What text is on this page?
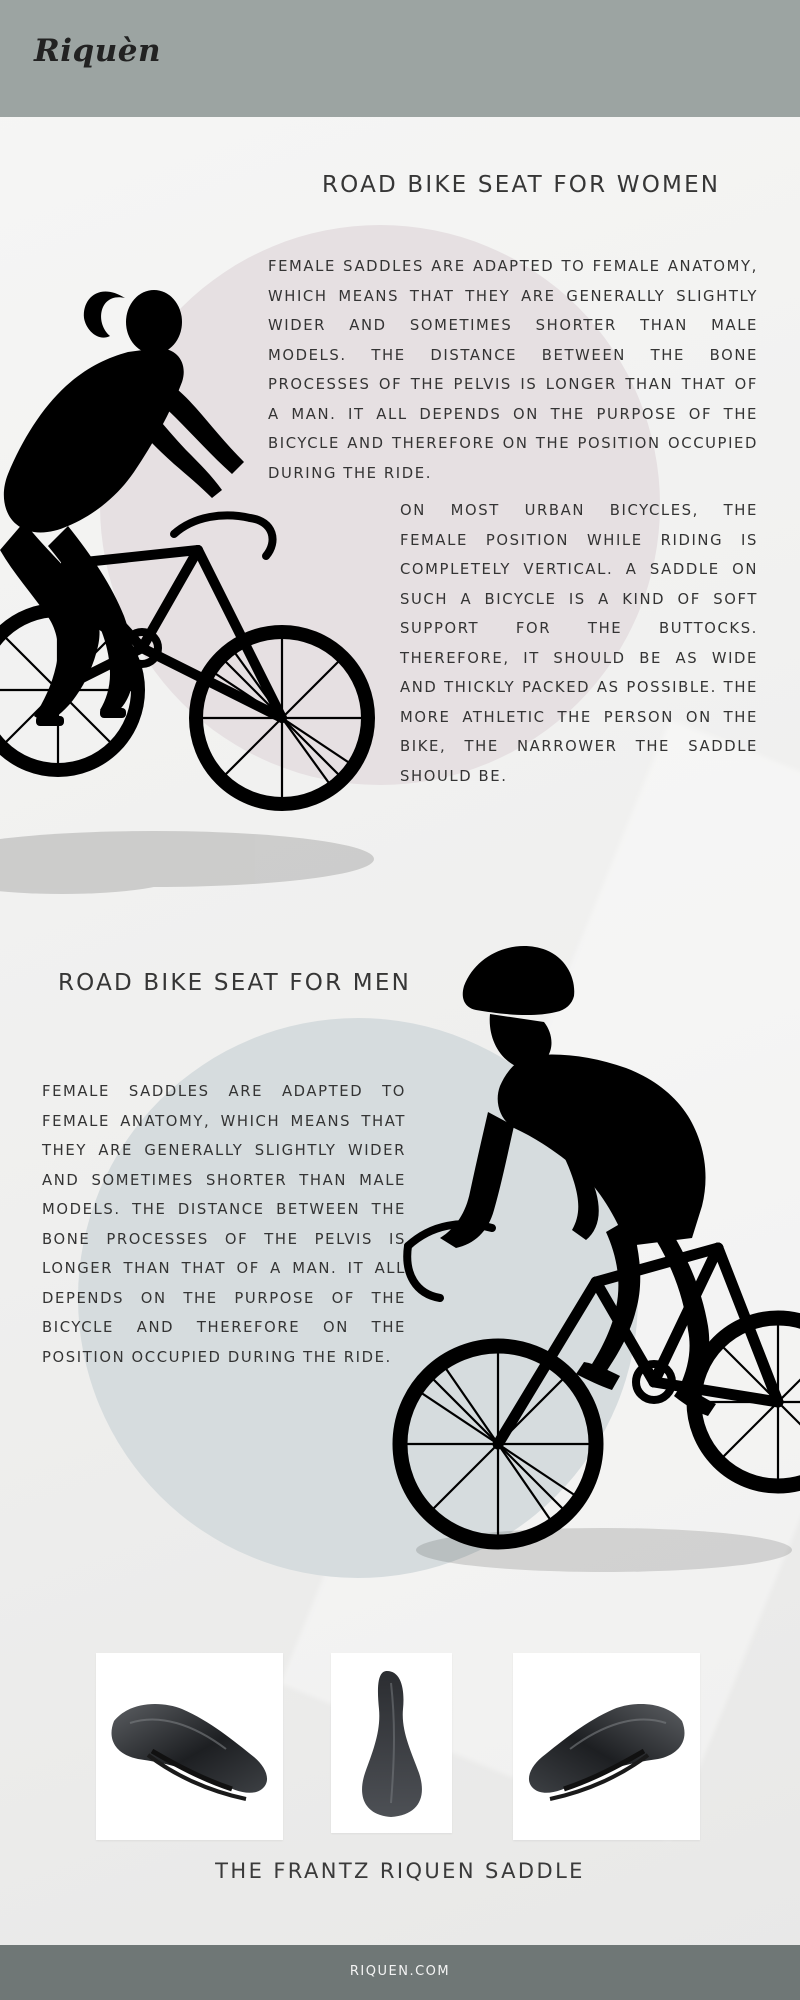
Riquèn
ROAD BIKE SEAT FOR WOMEN

FEMALE SADDLES ARE ADAPTED TO FEMALE ANATOMY, WHICH MEANS THAT THEY ARE GENERALLY SLIGHTLY WIDER AND SOMETIMES SHORTER THAN MALE MODELS. THE DISTANCE BETWEEN THE BONE PROCESSES OF THE PELVIS IS LONGER THAN THAT OF A MAN. IT ALL DEPENDS ON THE PURPOSE OF THE BICYCLE AND THEREFORE ON THE POSITION OCCUPIED DURING THE RIDE.

ON MOST URBAN BICYCLES, THE FEMALE POSITION WHILE RIDING IS COMPLETELY VERTICAL. A SADDLE ON SUCH A BICYCLE IS A KIND OF SOFT SUPPORT FOR THE BUTTOCKS. THEREFORE, IT SHOULD BE AS WIDE AND THICKLY PACKED AS POSSIBLE. THE MORE ATHLETIC THE PERSON ON THE BIKE, THE NARROWER THE SADDLE SHOULD BE.

ROAD BIKE SEAT FOR MEN

FEMALE SADDLES ARE ADAPTED TO FEMALE ANATOMY, WHICH MEANS THAT THEY ARE GENERALLY SLIGHTLY WIDER AND SOMETIMES SHORTER THAN MALE MODELS. THE DISTANCE BETWEEN THE BONE PROCESSES OF THE PELVIS IS LONGER THAN THAT OF A MAN. IT ALL DEPENDS ON THE PURPOSE OF THE BICYCLE AND THEREFORE ON THE POSITION OCCUPIED DURING THE RIDE.

THE FRANTZ RIQUEN SADDLE
RIQUEN.COM
